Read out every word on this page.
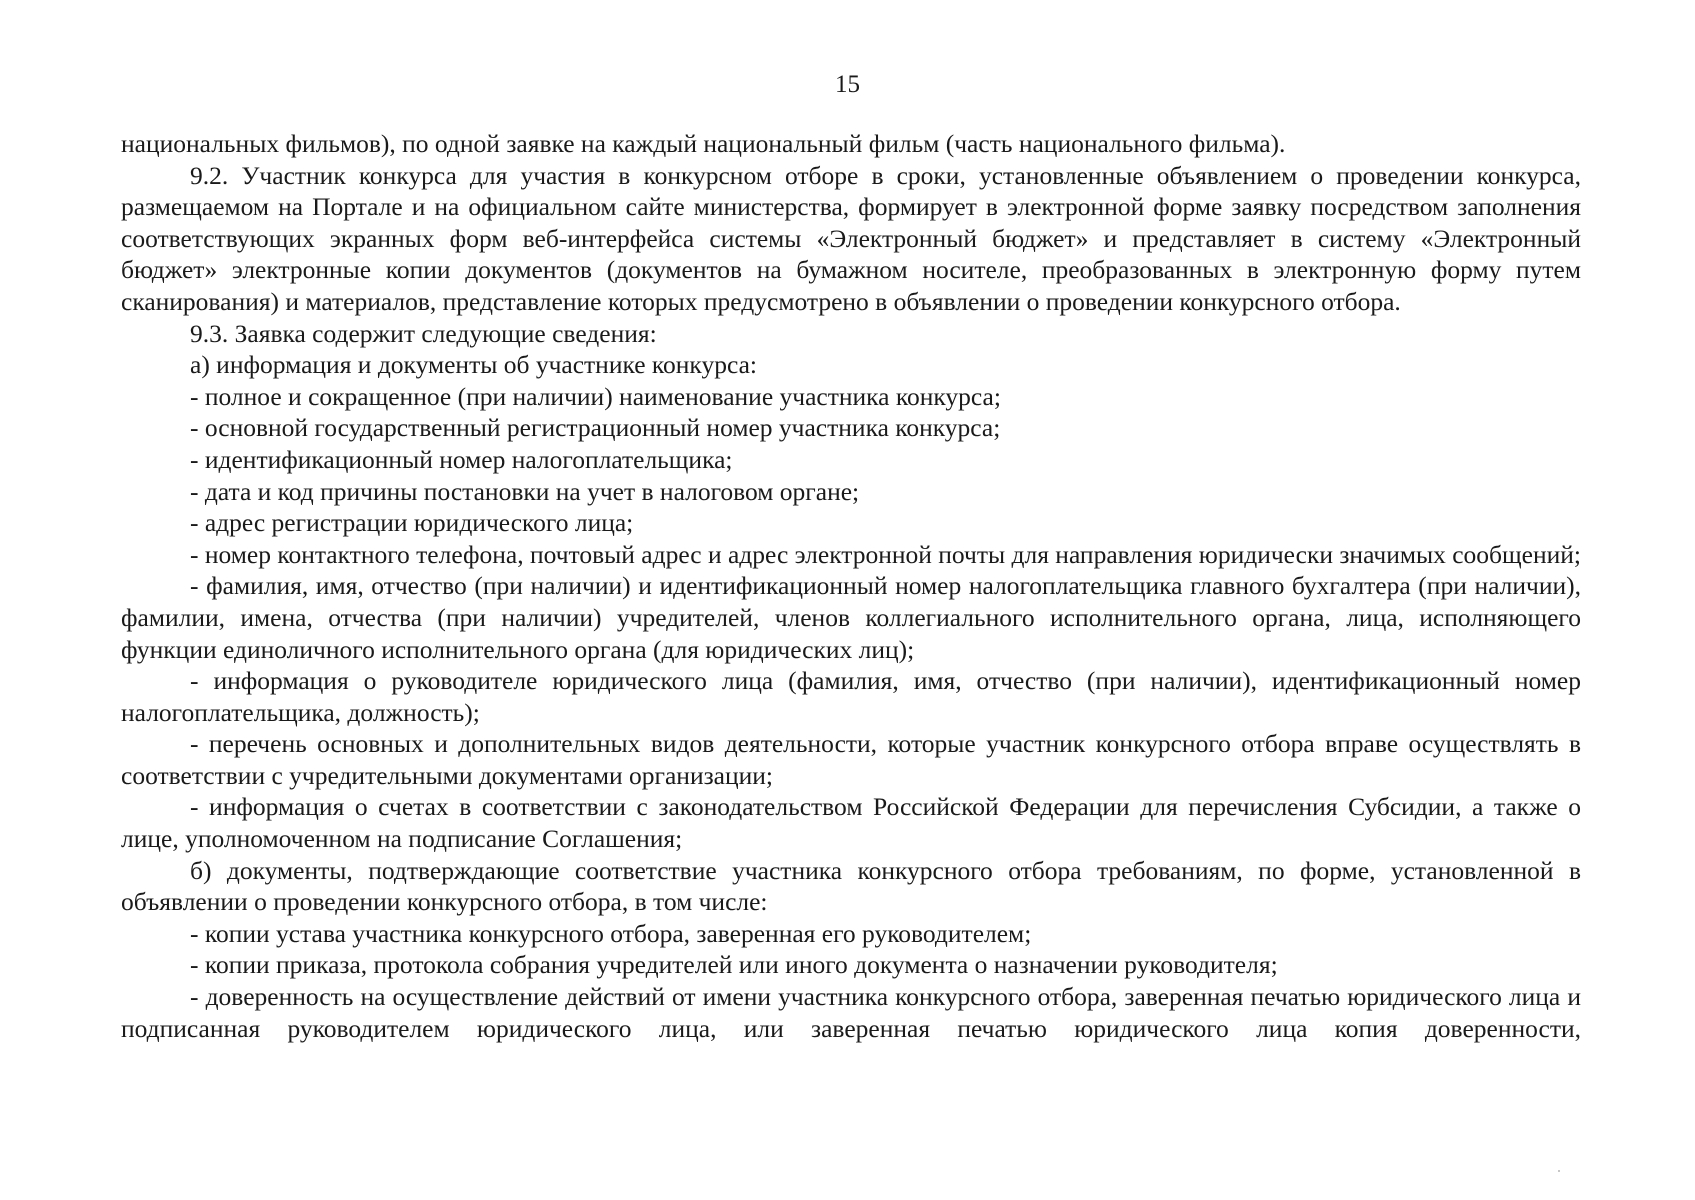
15

национальных фильмов), по одной заявке на каждый национальный фильм (часть национального фильма).

9.2. Участник конкурса для участия в конкурсном отборе в сроки, установленные объявлением о проведении конкурса, размещаемом на Портале и на официальном сайте министерства, формирует в электронной форме заявку посредством заполнения соответствующих экранных форм веб-интерфейса системы «Электронный бюджет» и представляет в систему «Электронный бюджет» электронные копии документов (документов на бумажном носителе, преобразованных в электронную форму путем сканирования) и материалов, представление которых предусмотрено в объявлении о проведении конкурсного отбора.

9.3. Заявка содержит следующие сведения:

а) информация и документы об участнике конкурса:

- полное и сокращенное (при наличии) наименование участника конкурса;

- основной государственный регистрационный номер участника конкурса;

- идентификационный номер налогоплательщика;

- дата и код причины постановки на учет в налоговом органе;

- адрес регистрации юридического лица;

- номер контактного телефона, почтовый адрес и адрес электронной почты для направления юридически значимых сообщений;

- фамилия, имя, отчество (при наличии) и идентификационный номер налогоплательщика главного бухгалтера (при наличии), фамилии, имена, отчества (при наличии) учредителей, членов коллегиального исполнительного органа, лица, исполняющего функции единоличного исполнительного органа (для юридических лиц);

- информация о руководителе юридического лица (фамилия, имя, отчество (при наличии), идентификационный номер налогоплательщика, должность);

- перечень основных и дополнительных видов деятельности, которые участник конкурсного отбора вправе осуществлять в соответствии с учредительными документами организации;

- информация о счетах в соответствии с законодательством Российской Федерации для перечисления Субсидии, а также о лице, уполномоченном на подписание Соглашения;

б) документы, подтверждающие соответствие участника конкурсного отбора требованиям, по форме, установленной в объявлении о проведении конкурсного отбора, в том числе:

- копии устава участника конкурсного отбора, заверенная его руководителем;

- копии приказа, протокола собрания учредителей или иного документа о назначении руководителя;

- доверенность на осуществление действий от имени участника конкурсного отбора, заверенная печатью юридического лица и подписанная руководителем юридического лица, или заверенная печатью юридического лица копия доверенности,
